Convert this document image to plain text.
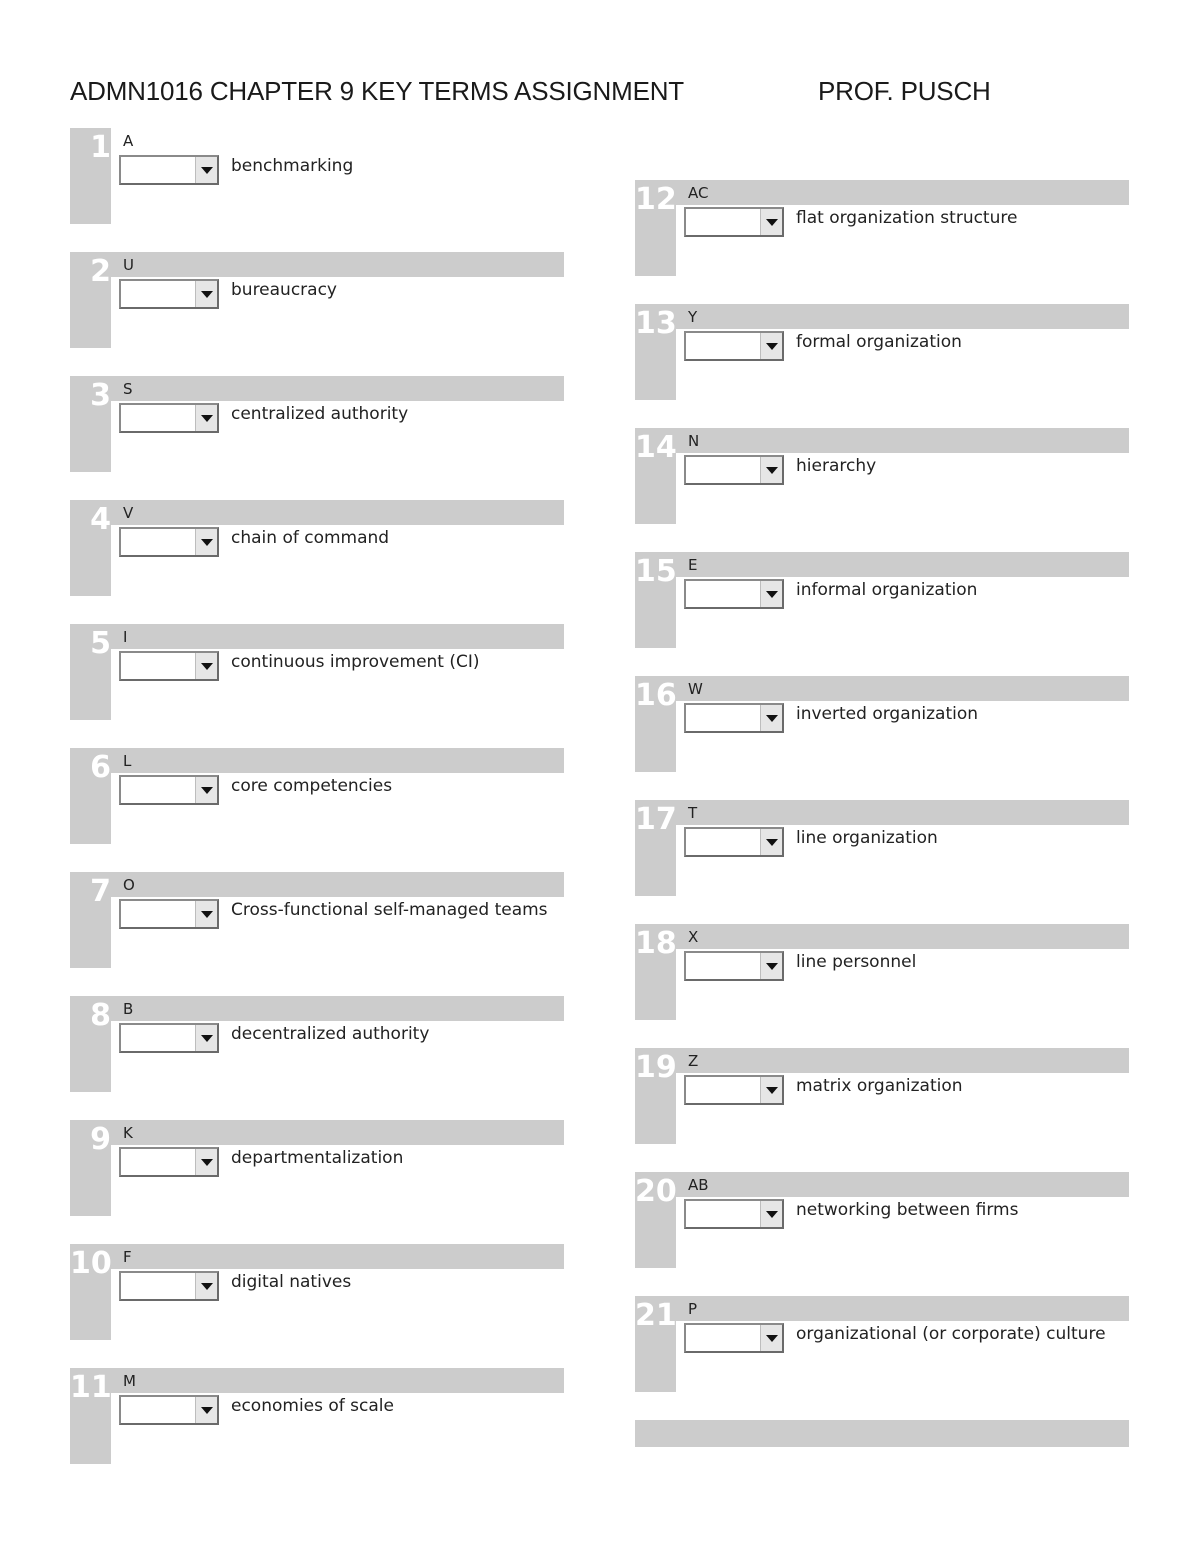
ADMN1016 CHAPTER 9 KEY TERMS ASSIGNMENT	PROF. PUSCH
1 A
benchmarking
2 U
bureaucracy
3 S
centralized authority
4 V
chain of command
5 I
continuous improvement (CI)
6 L
core competencies
7 O
Cross-functional self-managed teams
8 B
decentralized authority
9 K
departmentalization
10 F
digital natives
11 M
economies of scale
12 AC
flat organization structure
13 Y
formal organization
14 N
hierarchy
15 E
informal organization
16 W
inverted organization
17 T
line organization
18 X
line personnel
19 Z
matrix organization
20 AB
networking between firms
21 P
organizational (or corporate) culture
